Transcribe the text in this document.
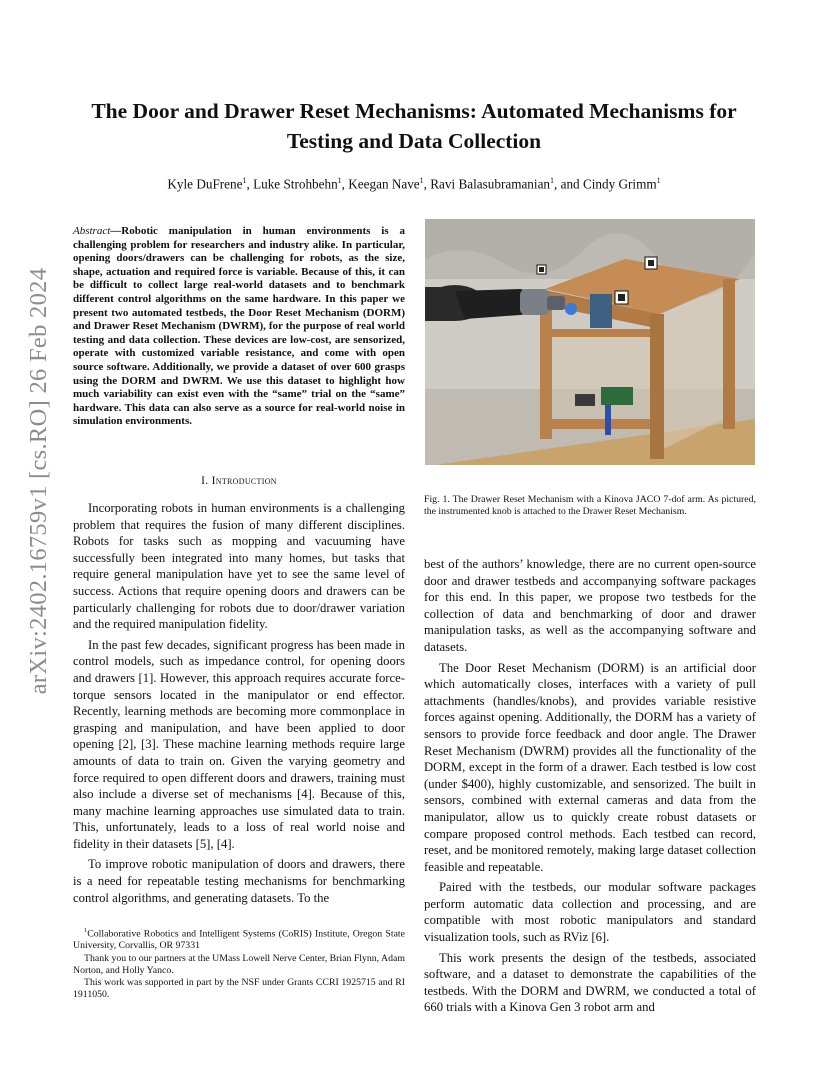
arXiv:2402.16759v1 [cs.RO] 26 Feb 2024
The Door and Drawer Reset Mechanisms: Automated Mechanisms for
Testing and Data Collection
Kyle DuFrene$^1$, Luke Strohbehn$^1$, Keegan Nave$^1$, Ravi Balasubramanian$^1$, and Cindy Grimm$^1$
Abstract—Robotic manipulation in human environments is a challenging problem for researchers and industry alike. In particular, opening doors/drawers can be challenging for robots, as the size, shape, actuation and required force is variable. Because of this, it can be difficult to collect large real-world datasets and to benchmark different control algorithms on the same hardware. In this paper we present two automated testbeds, the Door Reset Mechanism (DORM) and Drawer Reset Mechanism (DWRM), for the purpose of real world testing and data collection. These devices are low-cost, are sensorized, operate with customized variable resistance, and come with open source software. Additionally, we provide a dataset of over 600 grasps using the DORM and DWRM. We use this dataset to highlight how much variability can exist even with the “same” trial on the “same” hardware. This data can also serve as a source for real-world noise in simulation environments.
I. Introduction

Incorporating robots in human environments is a challenging problem that requires the fusion of many different disciplines. Robots for tasks such as mopping and vacuuming have successfully been integrated into many homes, but tasks that require general manipulation have yet to see the same level of success. Actions that require opening doors and drawers can be particularly challenging for robots due to door/drawer variation and the required manipulation fidelity.

In the past few decades, significant progress has been made in control models, such as impedance control, for opening doors and drawers [1]. However, this approach requires accurate force-torque sensors located in the manipulator or end effector. Recently, learning methods are becoming more commonplace in grasping and manipulation, and have been applied to door opening [2], [3]. These machine learning methods require large amounts of data to train on. Given the varying geometry and force required to open different doors and drawers, training must also include a diverse set of mechanisms [4]. Because of this, many machine learning approaches use simulated data to train. This, unfortunately, leads to a loss of real world noise and fidelity in their datasets [5], [4].

To improve robotic manipulation of doors and drawers, there is a need for repeatable testing mechanisms for benchmarking control algorithms, and generating datasets. To the

$^1$Collaborative Robotics and Intelligent Systems (CoRIS) Institute, Oregon State University, Corvallis, OR 97331

Thank you to our partners at the UMass Lowell Nerve Center, Brian Flynn, Adam Norton, and Holly Yanco.

This work was supported in part by the NSF under Grants CCRI 1925715 and RI 1911050.

Fig. 1. The Drawer Reset Mechanism with a Kinova JACO 7-dof arm. As pictured, the instrumented knob is attached to the Drawer Reset Mechanism.

best of the authors’ knowledge, there are no current open-source door and drawer testbeds and accompanying software packages for this end. In this paper, we propose two testbeds for the collection of data and benchmarking of door and drawer manipulation tasks, as well as the accompanying software and datasets.

The Door Reset Mechanism (DORM) is an artificial door which automatically closes, interfaces with a variety of pull attachments (handles/knobs), and provides variable resistive forces against opening. Additionally, the DORM has a variety of sensors to provide force feedback and door angle. The Drawer Reset Mechanism (DWRM) provides all the functionality of the DORM, except in the form of a drawer. Each testbed is low cost (under $400), highly customizable, and sensorized. The built in sensors, combined with external cameras and data from the manipulator, allow us to quickly create robust datasets or compare proposed control methods. Each testbed can record, reset, and be monitored remotely, making large dataset collection feasible and repeatable.

Paired with the testbeds, our modular software packages perform automatic data collection and processing, and are compatible with most robotic manipulators and standard visualization tools, such as RViz [6].

This work presents the design of the testbeds, associated software, and a dataset to demonstrate the capabilities of the testbeds. With the DORM and DWRM, we conducted a total of 660 trials with a Kinova Gen 3 robot arm and
